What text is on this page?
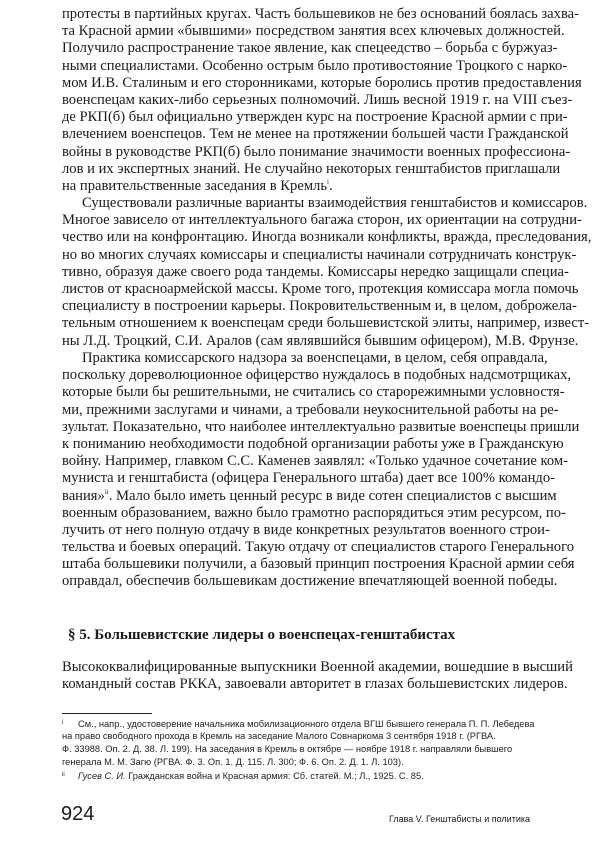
протесты в партийных кругах. Часть большевиков не без оснований боялась захва-
та Красной армии «бывшими» посредством занятия всех ключевых должностей.
Получило распространение такое явление, как спецеедство – борьба с буржуаз-
ными специалистами. Особенно острым было противостояние Троцкого с нарко-
мом И.В. Сталиным и его сторонниками, которые боролись против предоставления
военспецам каких-либо серьезных полномочий. Лишь весной 1919 г. на VIII съез-
де РКП(б) был официально утвержден курс на построение Красной армии с при-
влечением военспецов. Тем не менее на протяжении большей части Гражданской
войны в руководстве РКП(б) было понимание значимости военных профессиона-
лов и их экспертных знаний. Не случайно некоторых генштабистов приглашали
на правительственные заседания в Кремль$^i$.
Существовали различные варианты взаимодействия генштабистов и комиссаров.
Многое зависело от интеллектуального багажа сторон, их ориентации на сотрудни-
чество или на конфронтацию. Иногда возникали конфликты, вражда, преследования,
но во многих случаях комиссары и специалисты начинали сотрудничать конструк-
тивно, образуя даже своего рода тандемы. Комиссары нередко защищали специа-
листов от красноармейской массы. Кроме того, протекция комиссара могла помочь
специалисту в построении карьеры. Покровительственным и, в целом, доброжела-
тельным отношением к военспецам среди большевистской элиты, например, извест-
ны Л.Д. Троцкий, С.И. Аралов (сам являвшийся бывшим офицером), М.В. Фрунзе.
Практика комиссарского надзора за военспецами, в целом, себя оправдала,
поскольку дореволюционное офицерство нуждалось в подобных надсмотрщиках,
которые были бы решительными, не считались со старорежимными условностя-
ми, прежними заслугами и чинами, а требовали неукоснительной работы на ре-
зультат. Показательно, что наиболее интеллектуально развитые военспецы пришли
к пониманию необходимости подобной организации работы уже в Гражданскую
войну. Например, главком С.С. Каменев заявлял: «Только удачное сочетание ком-
муниста и генштабиста (офицера Генерального штаба) дает все 100% командо-
вания»$^{ii}$. Мало было иметь ценный ресурс в виде сотен специалистов с высшим
военным образованием, важно было грамотно распорядиться этим ресурсом, по-
лучить от него полную отдачу в виде конкретных результатов военного строи-
тельства и боевых операций. Такую отдачу от специалистов старого Генерального
штаба большевики получили, а базовый принцип построения Красной армии себя
оправдал, обеспечив большевикам достижение впечатляющей военной победы.
Высококвалифицированные выпускники Военной академии, вошедшие в высший
командный состав РККА, завоевали авторитет в глазах большевистских лидеров.
§ 5. Большевистские лидеры о военспецах-генштабистах
i См., напр., удостоверение начальника мобилизационного отдела ВГШ бывшего генерала П. П. Лебедева
на право свободного прохода в Кремль на заседание Малого Совнаркома 3 сентября 1918 г. (РГВА.
Ф. 33988. Оп. 2. Д. 38. Л. 199). На заседания в Кремль в октябре — ноябре 1918 г. направляли бывшего
генерала М. М. Загю (РГВА. Ф. 3. Оп. 1. Д. 115. Л. 300; Ф. 6. Оп. 2. Д. 1. Л. 103).
ii Гусев С. И. Гражданская война и Красная армия: Сб. статей. М.; Л., 1925. С. 85.
924	Глава V. Генштабисты и политика
